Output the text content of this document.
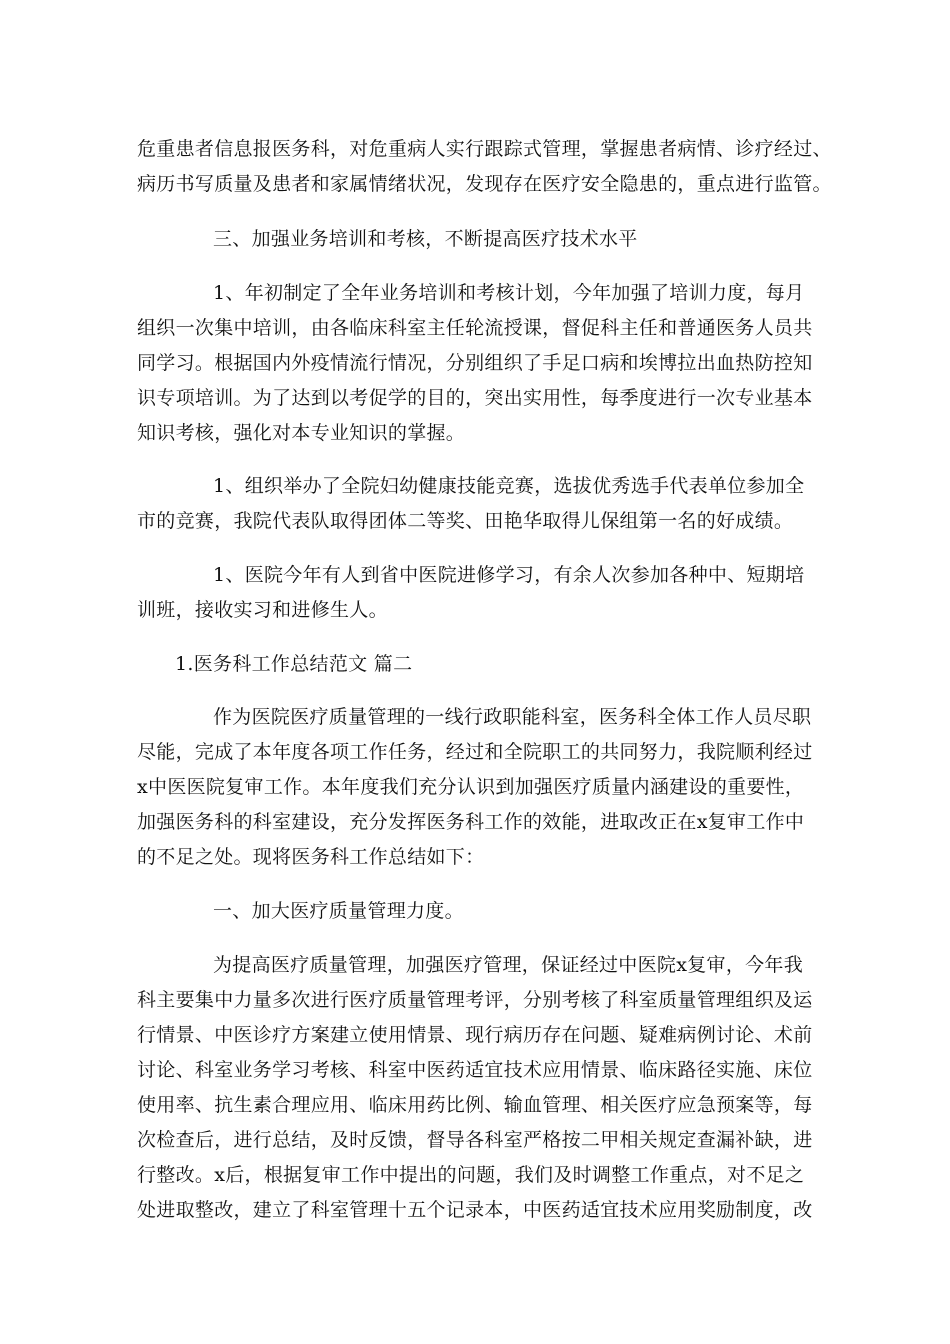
危重患者信息报医务科，对危重病人实行跟踪式管理，掌握患者病情、诊疗经过、
病历书写质量及患者和家属情绪状况，发现存在医疗安全隐患的，重点进行监管。
三、加强业务培训和考核，不断提高医疗技术水平
1、年初制定了全年业务培训和考核计划，今年加强了培训力度，每月
组织一次集中培训，由各临床科室主任轮流授课，督促科主任和普通医务人员共
同学习。根据国内外疫情流行情况，分别组织了手足口病和埃博拉出血热防控知
识专项培训。为了达到以考促学的目的，突出实用性，每季度进行一次专业基本
知识考核，强化对本专业知识的掌握。
1、组织举办了全院妇幼健康技能竞赛，选拔优秀选手代表单位参加全
市的竞赛，我院代表队取得团体二等奖、田艳华取得儿保组第一名的好成绩。
1、医院今年有人到省中医院进修学习，有余人次参加各种中、短期培
训班，接收实习和进修生人。
1.医务科工作总结范文 篇二
作为医院医疗质量管理的一线行政职能科室，医务科全体工作人员尽职
尽能，完成了本年度各项工作任务，经过和全院职工的共同努力，我院顺利经过
x中医医院复审工作。本年度我们充分认识到加强医疗质量内涵建设的重要性，
加强医务科的科室建设，充分发挥医务科工作的效能，进取改正在x复审工作中
的不足之处。现将医务科工作总结如下：
一、加大医疗质量管理力度。
为提高医疗质量管理，加强医疗管理，保证经过中医院x复审，今年我
科主要集中力量多次进行医疗质量管理考评，分别考核了科室质量管理组织及运
行情景、中医诊疗方案建立使用情景、现行病历存在问题、疑难病例讨论、术前
讨论、科室业务学习考核、科室中医药适宜技术应用情景、临床路径实施、床位
使用率、抗生素合理应用、临床用药比例、输血管理、相关医疗应急预案等，每
次检查后，进行总结，及时反馈，督导各科室严格按二甲相关规定查漏补缺，进
行整改。x后，根据复审工作中提出的问题，我们及时调整工作重点，对不足之
处进取整改，建立了科室管理十五个记录本，中医药适宜技术应用奖励制度，改
